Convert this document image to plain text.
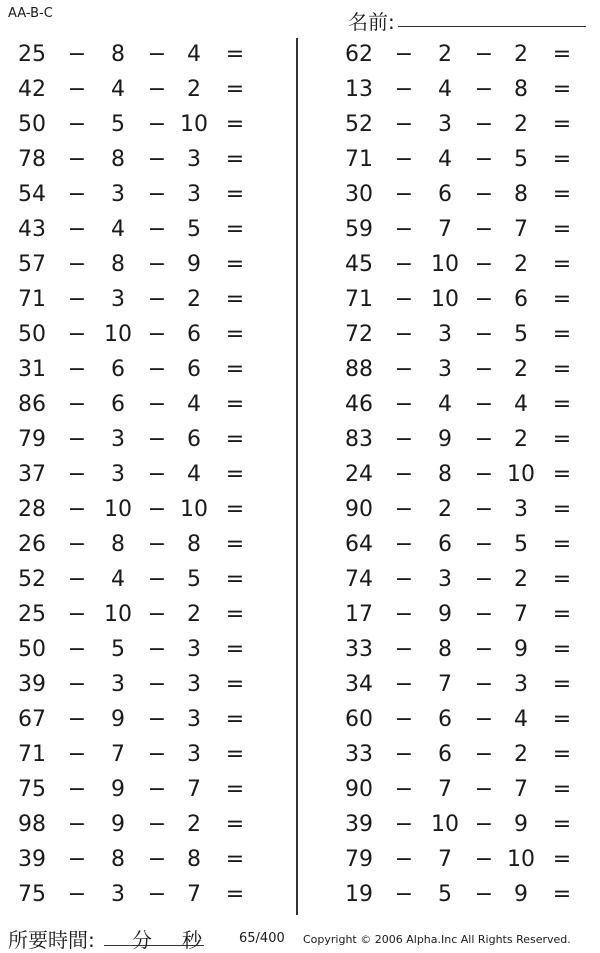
AA-B-C	名前:
25 −	8	− 4	=
42 −	4	− 2	=
50 −	5	− 10 =
78 −	8	− 3	=
54 −	3	− 3	=
43 −	4	− 5	=
57 −	8	− 9	=
71 −	3	− 2	=
50 − 10 − 6	=
31 −	6	− 6	=
86 −	6	− 4	=
79 −	3	− 6	=
37 −	3	− 4	=
28 − 10 − 10 =
26 −	8	− 8	=
52 −	4	− 5	=
25 − 10 − 2	=
50 −	5	− 3	=
39 −	3	− 3	=
67 −	9	− 3	=
71 −	7	− 3	=
75 −	9	− 7	=
98 −	9	− 2	=
39 −	8	− 8	=
75 −	3	− 7	=
62 −	2	− 2	=
13 −	4	− 8	=
52 −	3	− 2	=
71 −	4	− 5	=
30 −	6	− 8	=
59 −	7	− 7	=
45 − 10 − 2	=
71 − 10 − 6	=
72 −	3	− 5	=
88 −	3	− 2	=
46 −	4	− 4	=
83 −	9	− 2	=
24 −	8	− 10 =
90 −	2	− 3	=
64 −	6	− 5	=
74 −	3	− 2	=
17 −	9	− 7	=
33 −	8	− 9	=
34 −	7	− 3	=
60 −	6	− 4	=
33 −	6	− 2	=
90 −	7	− 7	=
39 − 10 − 9	=
79 −	7	− 10 =
19 −	5	− 9	=
所要時間: 分 秒	65/400 Copyright © 2006 Alpha.Inc All Rights Reserved.
